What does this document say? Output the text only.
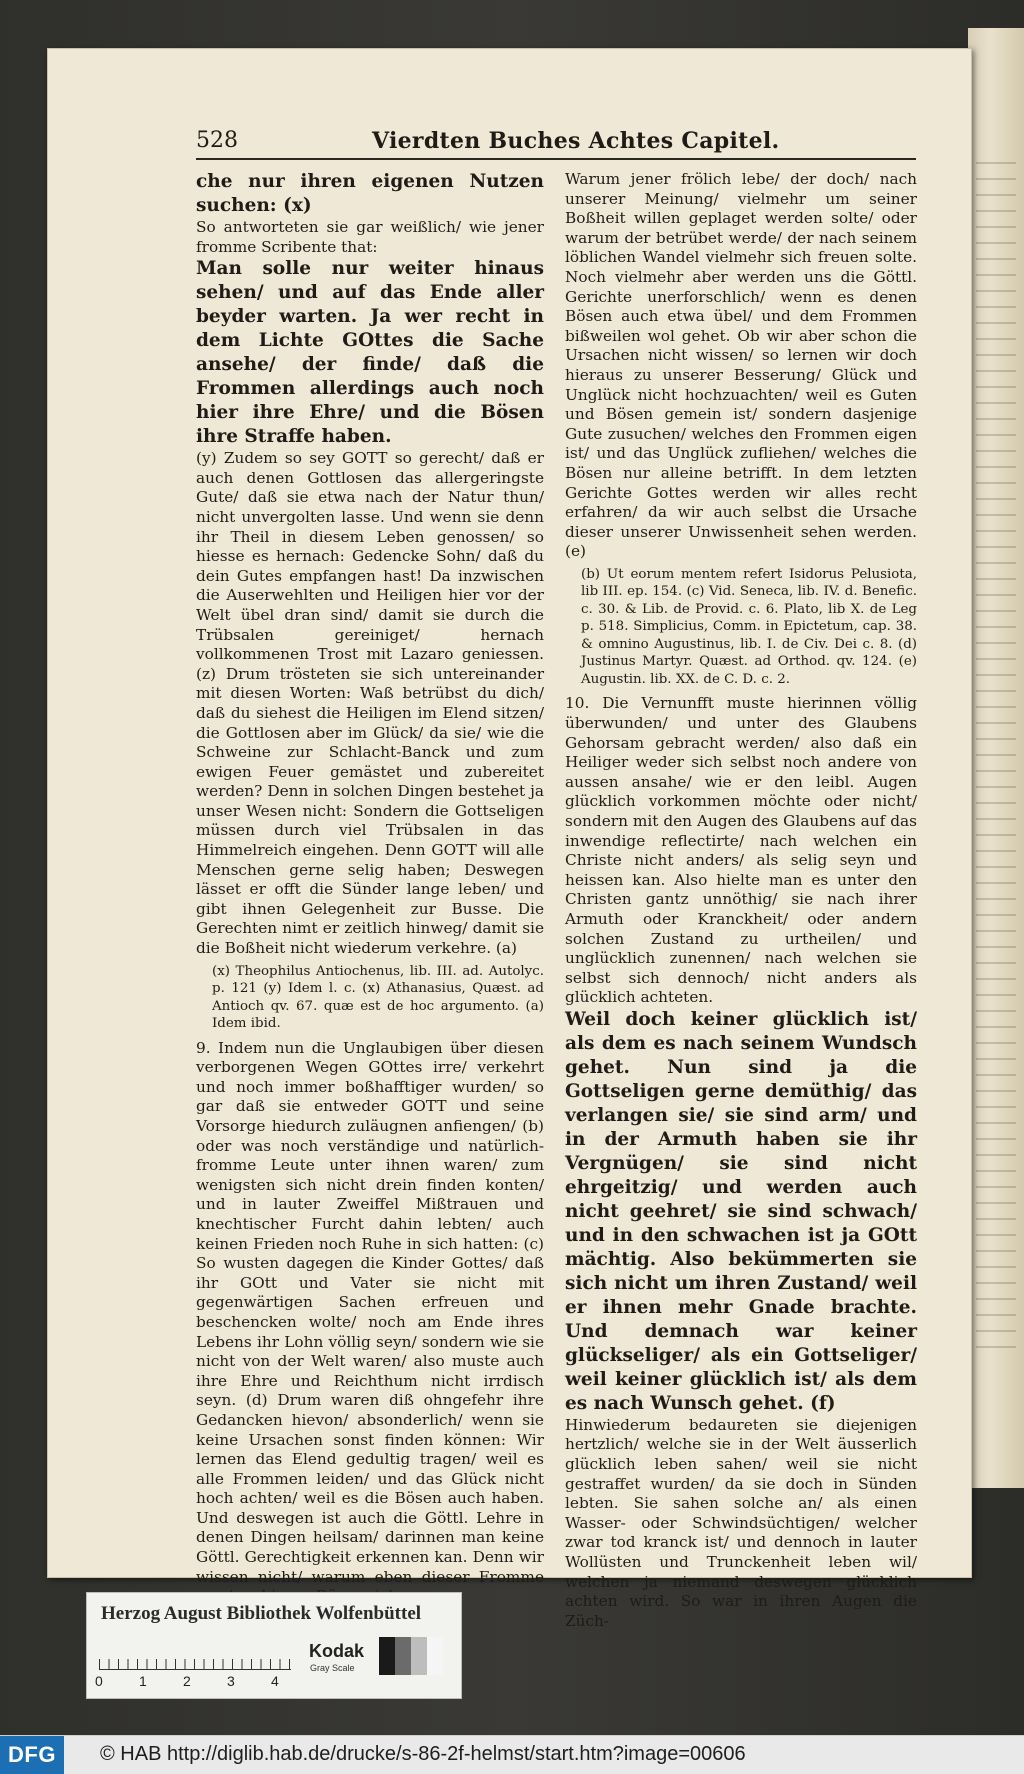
528	Vierdten Buches Achtes Capitel.

che nur ihren eigenen Nutzen suchen: (x)

So antworteten sie gar weißlich/ wie jener fromme Scribente that:

Man solle nur weiter hinaus sehen/ und auf das Ende aller beyder warten. Ja wer recht in dem Lichte GOttes die Sache ansehe/ der finde/ daß die Frommen allerdings auch noch hier ihre Ehre/ und die Bösen ihre Straffe haben.

(y) Zudem so sey GOTT so gerecht/ daß er auch denen Gottlosen das allergeringste Gute/ daß sie etwa nach der Natur thun/ nicht unvergolten lasse. Und wenn sie denn ihr Theil in diesem Leben genossen/ so hiesse es hernach: Gedencke Sohn/ daß du dein Gutes empfangen hast! Da inzwischen die Auserwehlten und Heiligen hier vor der Welt übel dran sind/ damit sie durch die Trübsalen gereiniget/ hernach vollkommenen Trost mit Lazaro geniessen. (z) Drum trösteten sie sich untereinander mit diesen Worten: Waß betrübst du dich/ daß du siehest die Heiligen im Elend sitzen/ die Gottlosen aber im Glück/ da sie/ wie die Schweine zur Schlacht-Banck und zum ewigen Feuer gemästet und zubereitet werden? Denn in solchen Dingen bestehet ja unser Wesen nicht: Sondern die Gottseligen müssen durch viel Trübsalen in das Himmelreich eingehen. Denn GOTT will alle Menschen gerne selig haben; Deswegen lässet er offt die Sünder lange leben/ und gibt ihnen Gelegenheit zur Busse. Die Gerechten nimt er zeitlich hinweg/ damit sie die Boßheit nicht wiederum verkehre. (a)

(x) Theophilus Antiochenus, lib. III. ad. Autolyc. p. 121 (y) Idem l. c. (x) Athanasius, Quæst. ad Antioch qv. 67. quæ est de hoc argumento. (a) Idem ibid.

9. Indem nun die Unglaubigen über diesen verborgenen Wegen GOttes irre/ verkehrt und noch immer boßhafftiger wurden/ so gar daß sie entweder GOTT und seine Vorsorge hiedurch zuläugnen anfiengen/ (b) oder was noch verständige und natürlich-fromme Leute unter ihnen waren/ zum wenigsten sich nicht drein finden konten/ und in lauter Zweiffel Mißtrauen und knechtischer Furcht dahin lebten/ auch keinen Frieden noch Ruhe in sich hatten: (c) So wusten dagegen die Kinder Gottes/ daß ihr GOtt und Vater sie nicht mit gegenwärtigen Sachen erfreuen und beschencken wolte/ noch am Ende ihres Lebens ihr Lohn völlig seyn/ sondern wie sie nicht von der Welt waren/ also muste auch ihre Ehre und Reichthum nicht irrdisch seyn. (d) Drum waren diß ohngefehr ihre Gedancken hievon/ absonderlich/ wenn sie keine Ursachen sonst finden können: Wir lernen das Elend gedultig tragen/ weil es alle Frommen leiden/ und das Glück nicht hoch achten/ weil es die Bösen auch haben. Und deswegen ist auch die Göttl. Lehre in denen Dingen heilsam/ darinnen man keine Göttl. Gerechtigkeit erkennen kan. Denn wir wissen nicht/ warum eben dieser Fromme

Warum jener frölich lebe/ der doch/ nach unserer Meinung/ vielmehr um seiner Boßheit willen geplaget werden solte/ oder warum der betrübet werde/ der nach seinem löblichen Wandel vielmehr sich freuen solte. Noch vielmehr aber werden uns die Göttl. Gerichte unerforschlich/ wenn es denen Bösen auch etwa übel/ und dem Frommen bißweilen wol gehet. Ob wir aber schon die Ursachen nicht wissen/ so lernen wir doch hieraus zu unserer Besserung/ Glück und Unglück nicht hochzuachten/ weil es Guten und Bösen gemein ist/ sondern dasjenige Gute zusuchen/ welches den Frommen eigen ist/ und das Unglück zufliehen/ welches die Bösen nur alleine betrifft. In dem letzten Gerichte Gottes werden wir alles recht erfahren/ da wir auch selbst die Ursache dieser unserer Unwissenheit sehen werden. (e)

(b) Ut eorum mentem refert Isidorus Pelusiota, lib III. ep. 154. (c) Vid. Seneca, lib. IV. d. Benefic. c. 30. & Lib. de Provid. c. 6. Plato, lib X. de Leg p. 518. Simplicius, Comm. in Epictetum, cap. 38. & omnino Augustinus, lib. I. de Civ. Dei c. 8. (d) Justinus Martyr. Quæst. ad Orthod. qv. 124. (e) Augustin. lib. XX. de C. D. c. 2.

10. Die Vernunfft muste hierinnen völlig überwunden/ und unter des Glaubens Gehorsam gebracht werden/ also daß ein Heiliger weder sich selbst noch andere von aussen ansahe/ wie er den leibl. Augen glücklich vorkommen möchte oder nicht/ sondern mit den Augen des Glaubens auf das inwendige reflectirte/ nach welchen ein Christe nicht anders/ als selig seyn und heissen kan. Also hielte man es unter den Christen gantz unnöthig/ sie nach ihrer Armuth oder Kranckheit/ oder andern solchen Zustand zu urtheilen/ und unglücklich zunennen/ nach welchen sie selbst sich dennoch/ nicht anders als glücklich achteten.

Weil doch keiner glücklich ist/ als dem es nach seinem Wundsch gehet. Nun sind ja die Gottseligen gerne demüthig/ das verlangen sie/ sie sind arm/ und in der Armuth haben sie ihr Vergnügen/ sie sind nicht ehrgeitzig/ und werden auch nicht geehret/ sie sind schwach/ und in den schwachen ist ja GOtt mächtig. Also bekümmerten sie sich nicht um ihren Zustand/ weil er ihnen mehr Gnade brachte. Und demnach war keiner glückseliger/ als ein Gottseliger/ weil keiner glücklich ist/ als dem es nach Wunsch gehet. (f)

Hinwiederum bedaureten sie diejenigen hertzlich/ welche sie in der Welt äusserlich glücklich leben sahen/ weil sie nicht gestraffet wurden/ da sie doch in Sünden lebten. Sie sahen solche an/ als einen Wasser- oder Schwindsüchtigen/ welcher zwar tod kranck ist/ und dennoch in lauter Wollüsten und Trunckenheit leben wil/ welchen ja niemand deswegen glücklich achten wird. So war in ihren Augen die Züch-

Herzog August Bibliothek Wolfenbüttel
0	1	2	3	4
Kodak
Gray Scale
DFG	© HAB http://diglib.hab.de/drucke/s-86-2f-helmst/start.htm?image=00606
